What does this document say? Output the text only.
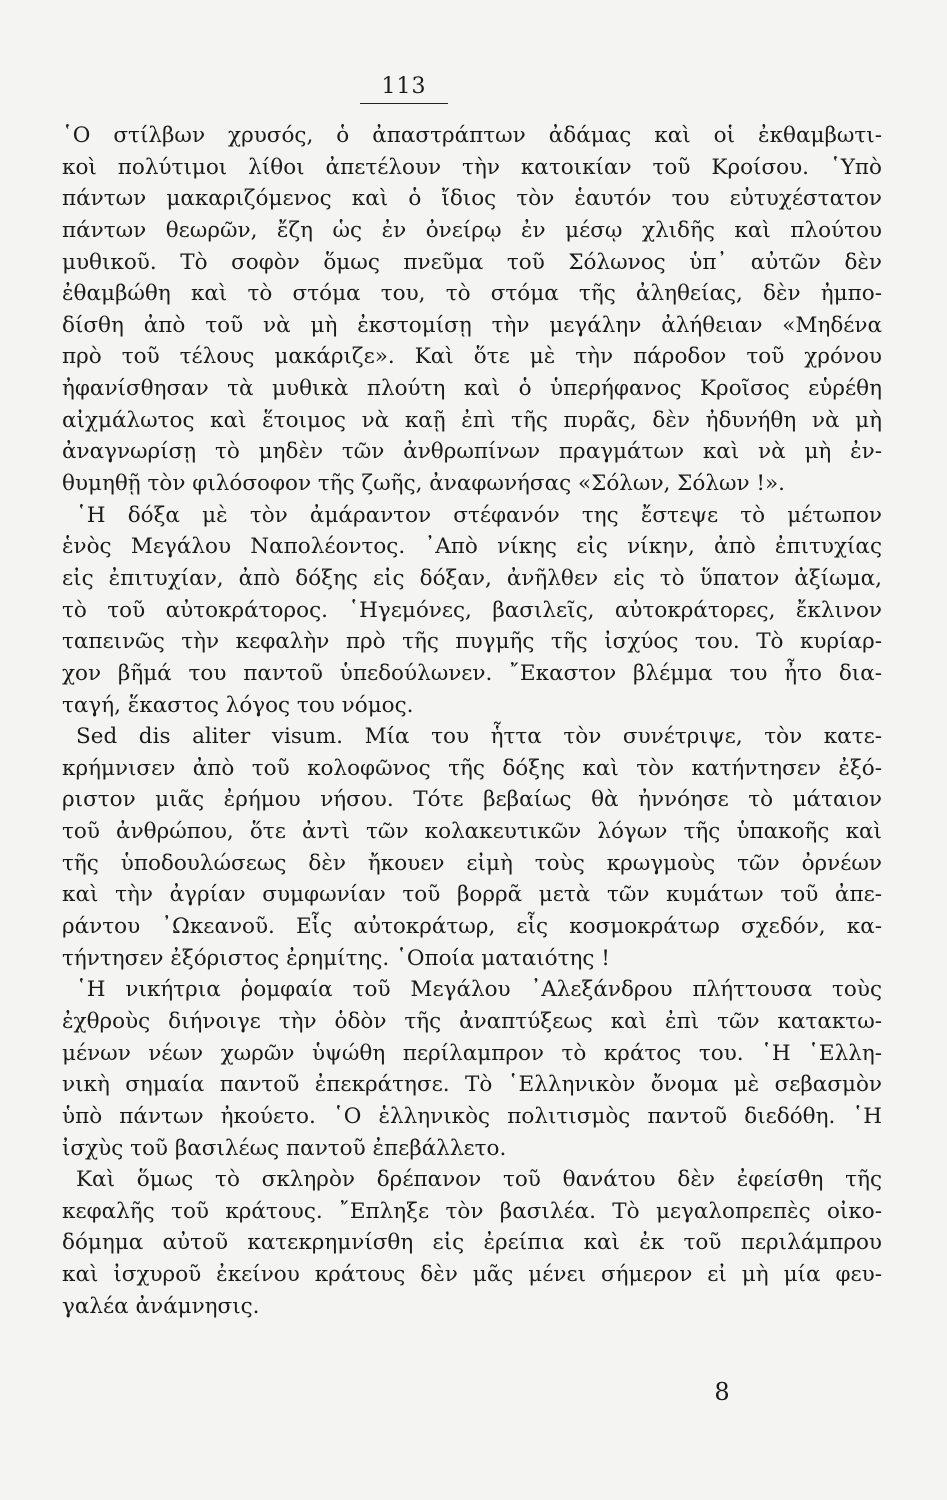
113
῾Ο στίλβων χρυσός, ὁ ἀπαστράπτων ἀδάμας καὶ οἱ ἐκθαμβωτι-
κοὶ πολύτιμοι λίθοι ἀπετέλουν τὴν κατοικίαν τοῦ Κροίσου. ῾Υπὸ
πάντων μακαριζόμενος καὶ ὁ ἴδιος τὸν ἑαυτόν του εὐτυχέστατον
πάντων θεωρῶν, ἔζη ὡς ἐν ὀνείρῳ ἐν μέσῳ χλιδῆς καὶ πλούτου
μυθικοῦ. Τὸ σοφὸν ὅμως πνεῦμα τοῦ Σόλωνος ὑπ᾽ αὐτῶν δὲν
ἐθαμβώθη καὶ τὸ στόμα του, τὸ στόμα τῆς ἀληθείας, δὲν ἠμπο-
δίσθη ἀπὸ τοῦ νὰ μὴ ἐκστομίσῃ τὴν μεγάλην ἀλήθειαν «Μηδένα
πρὸ τοῦ τέλους μακάριζε». Καὶ ὅτε μὲ τὴν πάροδον τοῦ χρόνου
ἠφανίσθησαν τὰ μυθικὰ πλούτη καὶ ὁ ὑπερήφανος Κροῖσος εὑρέθη
αἰχμάλωτος καὶ ἕτοιμος νὰ καῇ ἐπὶ τῆς πυρᾶς, δὲν ἠδυνήθη νὰ μὴ
ἀναγνωρίσῃ τὸ μηδὲν τῶν ἀνθρωπίνων πραγμάτων καὶ νὰ μὴ ἐν-
θυμηθῇ τὸν φιλόσοφον τῆς ζωῆς, ἀναφωνήσας «Σόλων, Σόλων !».
῾Η δόξα μὲ τὸν ἀμάραντον στέφανόν της ἔστεψε τὸ μέτωπον
ἑνὸς Μεγάλου Ναπολέοντος. ᾿Απὸ νίκης εἰς νίκην, ἀπὸ ἐπιτυχίας
εἰς ἐπιτυχίαν, ἀπὸ δόξης εἰς δόξαν, ἀνῆλθεν εἰς τὸ ὕπατον ἀξίωμα,
τὸ τοῦ αὐτοκράτορος. ῾Ηγεμόνες, βασιλεῖς, αὐτοκράτορες, ἔκλινον
ταπεινῶς τὴν κεφαλὴν πρὸ τῆς πυγμῆς τῆς ἰσχύος του. Τὸ κυρίαρ-
χον βῆμά του παντοῦ ὑπεδούλωνεν. ῎Εκαστον βλέμμα του ἦτο δια-
ταγή, ἕκαστος λόγος του νόμος.
Sed dis aliter visum. Μία του ἧττα τὸν συνέτριψε, τὸν κατε-
κρήμνισεν ἀπὸ τοῦ κολοφῶνος τῆς δόξης καὶ τὸν κατήντησεν ἐξό-
ριστον μιᾶς ἐρήμου νήσου. Τότε βεβαίως θὰ ἠννόησε τὸ μάταιον
τοῦ ἀνθρώπου, ὅτε ἀντὶ τῶν κολακευτικῶν λόγων τῆς ὑπακοῆς καὶ
τῆς ὑποδουλώσεως δὲν ἤκουεν εἰμὴ τοὺς κρωγμοὺς τῶν ὀρνέων
καὶ τὴν ἀγρίαν συμφωνίαν τοῦ βορρᾶ μετὰ τῶν κυμάτων τοῦ ἀπε-
ράντου ᾿Ωκεανοῦ. Εἷς αὐτοκράτωρ, εἷς κοσμοκράτωρ σχεδόν, κα-
τήντησεν ἐξόριστος ἐρημίτης. ῾Οποία ματαιότης !
῾Η νικήτρια ῥομφαία τοῦ Μεγάλου ᾿Αλεξάνδρου πλήττουσα τοὺς
ἐχθροὺς διήνοιγε τὴν ὁδὸν τῆς ἀναπτύξεως καὶ ἐπὶ τῶν κατακτω-
μένων νέων χωρῶν ὑψώθη περίλαμπρον τὸ κράτος του. ῾Η ῾Ελλη-
νικὴ σημαία παντοῦ ἐπεκράτησε. Τὸ ῾Ελληνικὸν ὄνομα μὲ σεβασμὸν
ὑπὸ πάντων ἠκούετο. ῾Ο ἑλληνικὸς πολιτισμὸς παντοῦ διεδόθη. ῾Η
ἰσχὺς τοῦ βασιλέως παντοῦ ἐπεβάλλετο.
Καὶ ὅμως τὸ σκληρὸν δρέπανον τοῦ θανάτου δὲν ἐφείσθη τῆς
κεφαλῆς τοῦ κράτους. ῎Επληξε τὸν βασιλέα. Τὸ μεγαλοπρεπὲς οἰκο-
δόμημα αὐτοῦ κατεκρημνίσθη εἰς ἐρείπια καὶ ἐκ τοῦ περιλάμπρου
καὶ ἰσχυροῦ ἐκείνου κράτους δὲν μᾶς μένει σήμερον εἰ μὴ μία φευ-
γαλέα ἀνάμνησις.
8
